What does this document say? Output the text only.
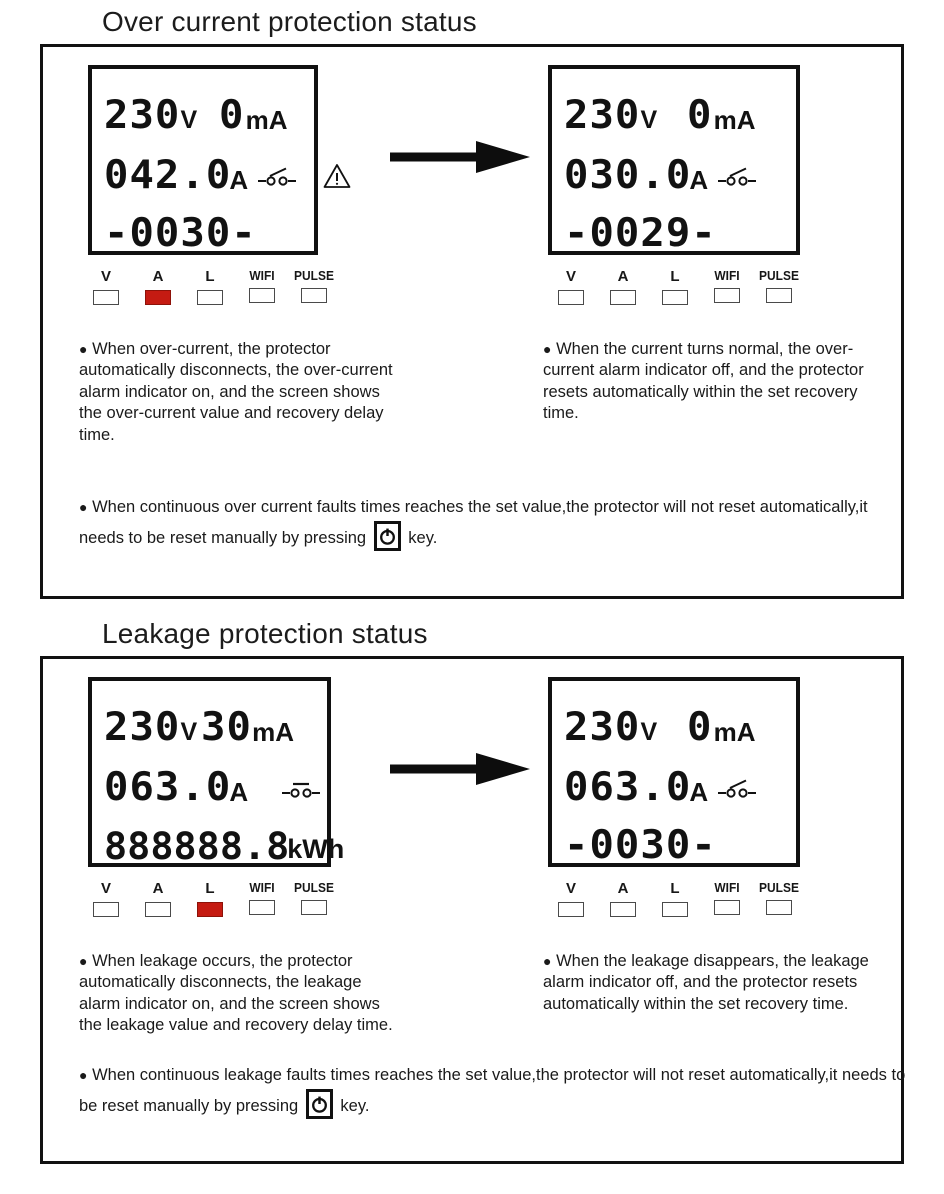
Over current protection status
230 V 0 mA
042.0
A
-0030-
V	A	L	WIFI	PULSE
230 V 0 mA
030.0
A
-0029-
V	A	L	WIFI	PULSE
● When over-current, the protector automatically disconnects, the over-current alarm indicator on, and the screen shows the over-current value and recovery delay time.
● When the current turns normal, the over-current alarm indicator off, and the protector resets automatically within the set recovery time.
● When continuous over current faults times reaches the set value,the protector will not reset automatically,it needs to be reset manually by pressing	key.
Leakage protection status
230 V 30 mA
063.0
A
888888.8
kWh
V	A	L	WIFI	PULSE
230 V 0 mA
063.0
A
-0030-
V	A	L	WIFI	PULSE
● When leakage occurs, the protector automatically disconnects, the leakage alarm indicator on, and the screen shows the leakage value and recovery delay time.
● When the leakage disappears, the leakage alarm indicator off, and the protector resets automatically within the set recovery time.
● When continuous leakage faults times reaches the set value,the protector will not reset automatically,it needs to be reset manually by pressing	key.
